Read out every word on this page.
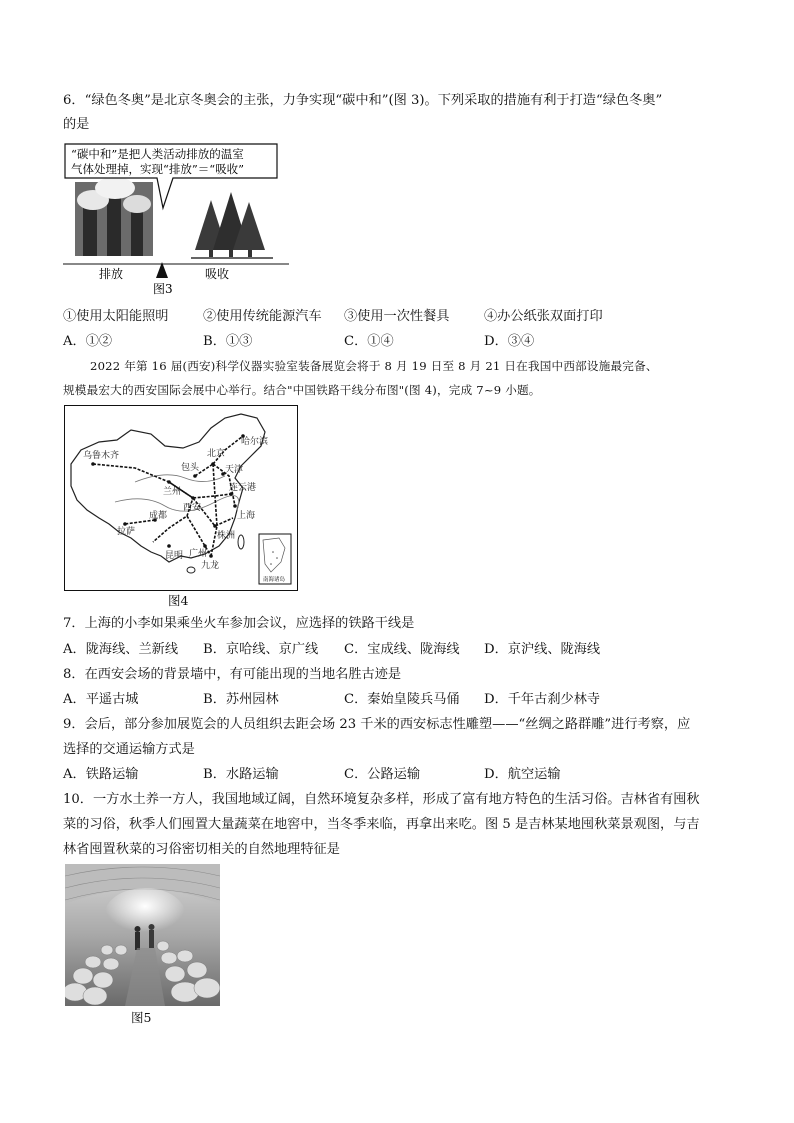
6．“绿色冬奥”是北京冬奥会的主张，力争实现“碳中和”(图 3)。下列采取的措施有利于打造“绿色冬奥”
的是
“碳中和”是把人类活动排放的温室
气体处理掉，实现“排放”＝“吸收”
排放	吸收
图3
①使用太阳能照明	②使用传统能源汽车 ③使用一次性餐具	④办公纸张双面打印
A．①②	B．①③	C．①④	D．③④
2022 年第 16 届(西安)科学仪器实验室装备展览会将于 8 月 19 日至 8 月 21 日在我国中西部设施最完备、
规模最宏大的西安国际会展中心举行。结合"中国铁路干线分布图"(图 4)，完成 7~9 小题。
哈尔滨
乌鲁木齐	北京
天津
包头
兰州	连云港
西安
成都	上海
拉萨	株洲
昆明 广州
九龙
南海诸岛
图4
7．上海的小李如果乘坐火车参加会议，应选择的铁路干线是
A．陇海线、兰新线 B．京哈线、京广线 C．宝成线、陇海线 D．京沪线、陇海线
8．在西安会场的背景墙中，有可能出现的当地名胜古迹是
A．平遥古城	B．苏州园林	C．秦始皇陵兵马俑 D．千年古刹少林寺
9．会后，部分参加展览会的人员组织去距会场 23 千米的西安标志性雕塑——“丝绸之路群雕”进行考察，应
选择的交通运输方式是
A．铁路运输	B．水路运输	C．公路运输	D．航空运输
10．一方水土养一方人，我国地域辽阔，自然环境复杂多样，形成了富有地方特色的生活习俗。吉林省有囤秋
菜的习俗，秋季人们囤置大量蔬菜在地窖中，当冬季来临，再拿出来吃。图 5 是吉林某地囤秋菜景观图，与吉
林省囤置秋菜的习俗密切相关的自然地理特征是
图5
